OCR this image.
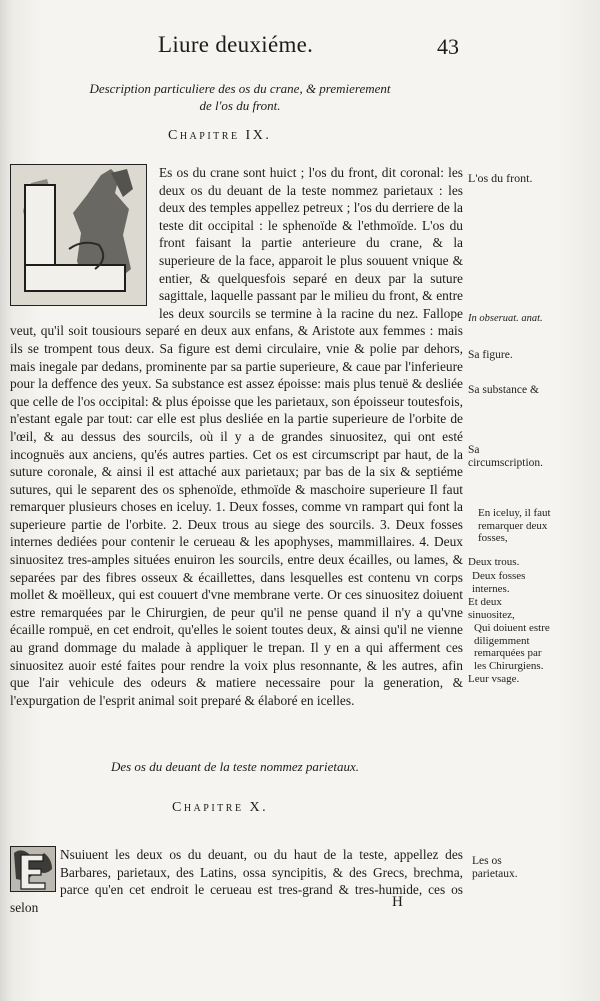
Liure deuxiéme.	43
Description particuliere des os du crane, & premierement
de l'os du front.
Chapitre IX.

Es os du crane sont huict ; l'os du front, dit coronal: les deux os du deuant de la teste nommez parietaux : les deux des temples appellez petreux ; l'os du derriere de la teste dit occipital : le sphenoïde & l'ethmoïde. L'os du front faisant la partie anterieure du crane, & la superieure de la face, apparoit le plus souuent vnique & entier, & quelquesfois separé en deux par la suture sagittale, laquelle passant par le milieu du front, & entre les deux sourcils se termine à la racine du nez. Fallope veut, qu'il soit tousiours separé en deux aux enfans, & Aristote aux femmes : mais ils se trompent tous deux. Sa figure est demi circulaire, vnie & polie par dehors, mais inegale par dedans, prominente par sa partie superieure, & caue par l'inferieure pour la deffence des yeux. Sa substance est assez époisse: mais plus tenuë & desliée que celle de l'os occipital: & plus époisse que les parietaux, son époisseur toutesfois, n'estant egale par tout: car elle est plus desliée en la partie superieure de l'orbite de l'œil, & au dessus des sourcils, où il y a de grandes sinuositez, qui ont esté incognuës aux anciens, qu'és autres parties. Cet os est circumscript par haut, de la suture coronale, & ainsi il est attaché aux parietaux; par bas de la six & septiéme sutures, qui le separent des os sphenoïde, ethmoïde & maschoire superieure Il faut remarquer plusieurs choses en iceluy. 1. Deux fosses, comme vn rampart qui font la superieure partie de l'orbite. 2. Deux trous au siege des sourcils. 3. Deux fosses internes dediées pour contenir le cerueau & les apophyses, mammillaires. 4. Deux sinuositez tres-amples situées enuiron les sourcils, entre deux écailles, ou lames, & separées par des fibres osseux & écaillettes, dans lesquelles est contenu vn corps mollet & moëlleux, qui est couuert d'vne membrane verte. Or ces sinuositez doiuent estre remarquées par le Chirurgien, de peur qu'il ne pense quand il n'y a qu'vne écaille rompuë, en cet endroit, qu'elles le soient toutes deux, & ainsi qu'il ne vienne au grand dommage du malade à appliquer le trepan. Il y en a qui afferment ces sinuositez auoir esté faites pour rendre la voix plus resonnante, & les autres, afin que l'air vehicule des odeurs & matiere necessaire pour la generation, & l'expurgation de l'esprit animal soit preparé & élaboré en icelles.

Des os du deuant de la teste nommez parietaux.
Chapitre X.

Nsuiuent les deux os du deuant, ou du haut de la teste, appellez des Barbares, parietaux, des Latins, ossa syncipitis, & des Grecs, brechma, parce qu'en cet endroit le cerueau est tres-grand & tres-humide, ces os selon	H
L'os du front.
In obseruat. anat.
Sa figure.
Sa substance &
Sa circumscription.
En iceluy, il faut remarquer deux fosses,
Deux trous.
Deux fosses internes.
Et deux sinuositez,
Qui doiuent estre diligemment remarquées par les Chirurgiens.
Leur vsage.
Les os parietaux.
